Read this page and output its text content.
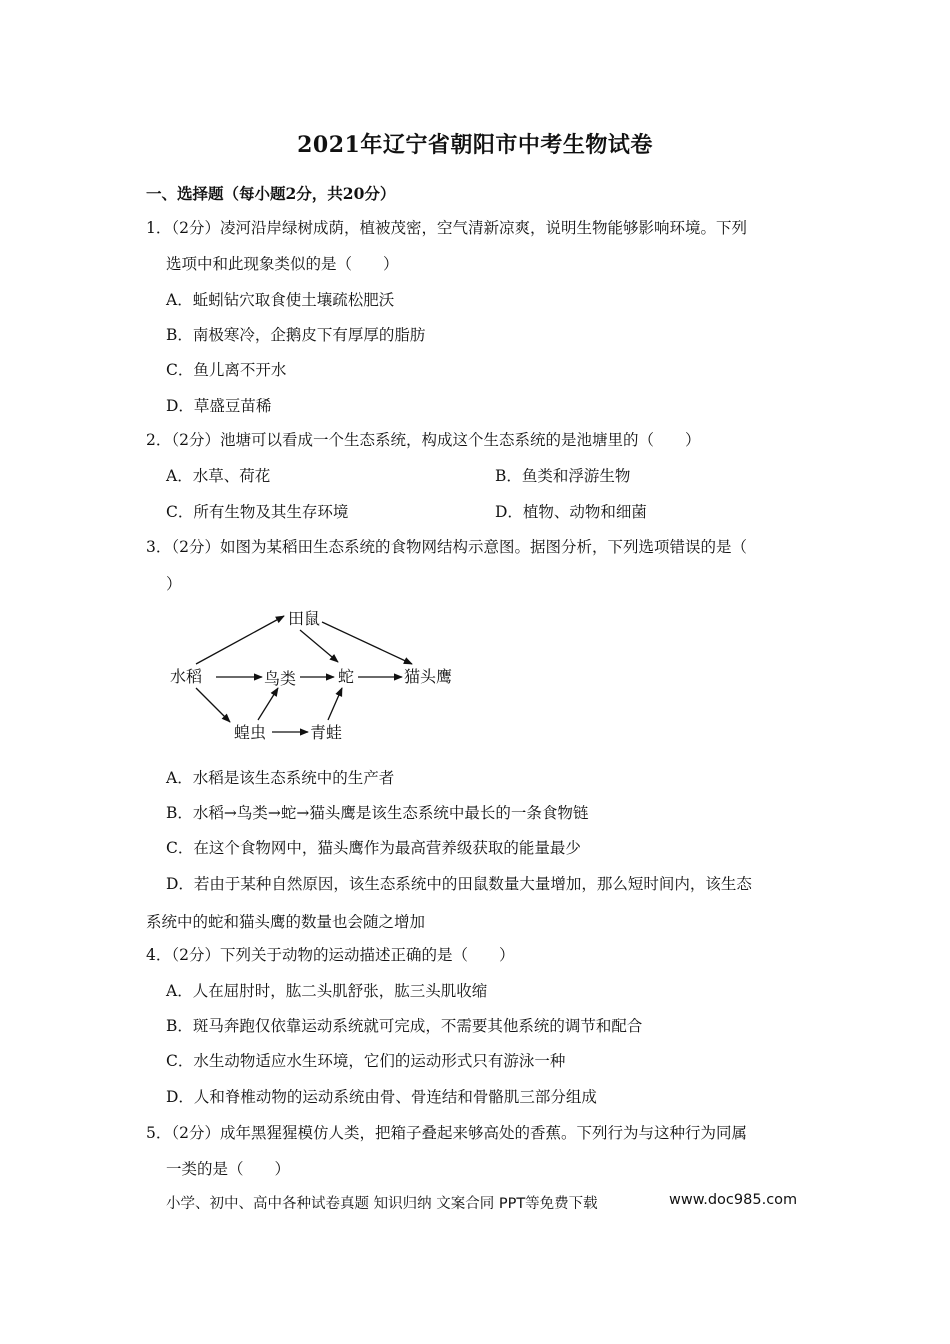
2021年辽宁省朝阳市中考生物试卷
一、选择题（每小题2分，共20分）
1．（2分）凌河沿岸绿树成荫，植被茂密，空气清新凉爽，说明生物能够影响环境。下列
选项中和此现象类似的是（　　）
A．蚯蚓钻穴取食使土壤疏松肥沃
B．南极寒冷，企鹅皮下有厚厚的脂肪
C．鱼儿离不开水
D．草盛豆苗稀
2．（2分）池塘可以看成一个生态系统，构成这个生态系统的是池塘里的（　　）
A．水草、荷花	B．鱼类和浮游生物
C．所有生物及其生存环境	D．植物、动物和细菌
3．（2分）如图为某稻田生态系统的食物网结构示意图。据图分析，下列选项错误的是（
）
田鼠
水稻	鸟类	蛇	猫头鹰
蝗虫	青蛙
A．水稻是该生态系统中的生产者
B．水稻→鸟类→蛇→猫头鹰是该生态系统中最长的一条食物链
C．在这个食物网中，猫头鹰作为最高营养级获取的能量最少
D．若由于某种自然原因，该生态系统中的田鼠数量大量增加，那么短时间内，该生态
系统中的蛇和猫头鹰的数量也会随之增加
4．（2分）下列关于动物的运动描述正确的是（　　）
A．人在屈肘时，肱二头肌舒张，肱三头肌收缩
B．斑马奔跑仅依靠运动系统就可完成，不需要其他系统的调节和配合
C．水生动物适应水生环境，它们的运动形式只有游泳一种
D．人和脊椎动物的运动系统由骨、骨连结和骨骼肌三部分组成
5．（2分）成年黑猩猩模仿人类，把箱子叠起来够高处的香蕉。下列行为与这种行为同属
一类的是（　　）
小学、初中、高中各种试卷真题 知识归纳 文案合同 PPT等免费下载	www.doc985.com
